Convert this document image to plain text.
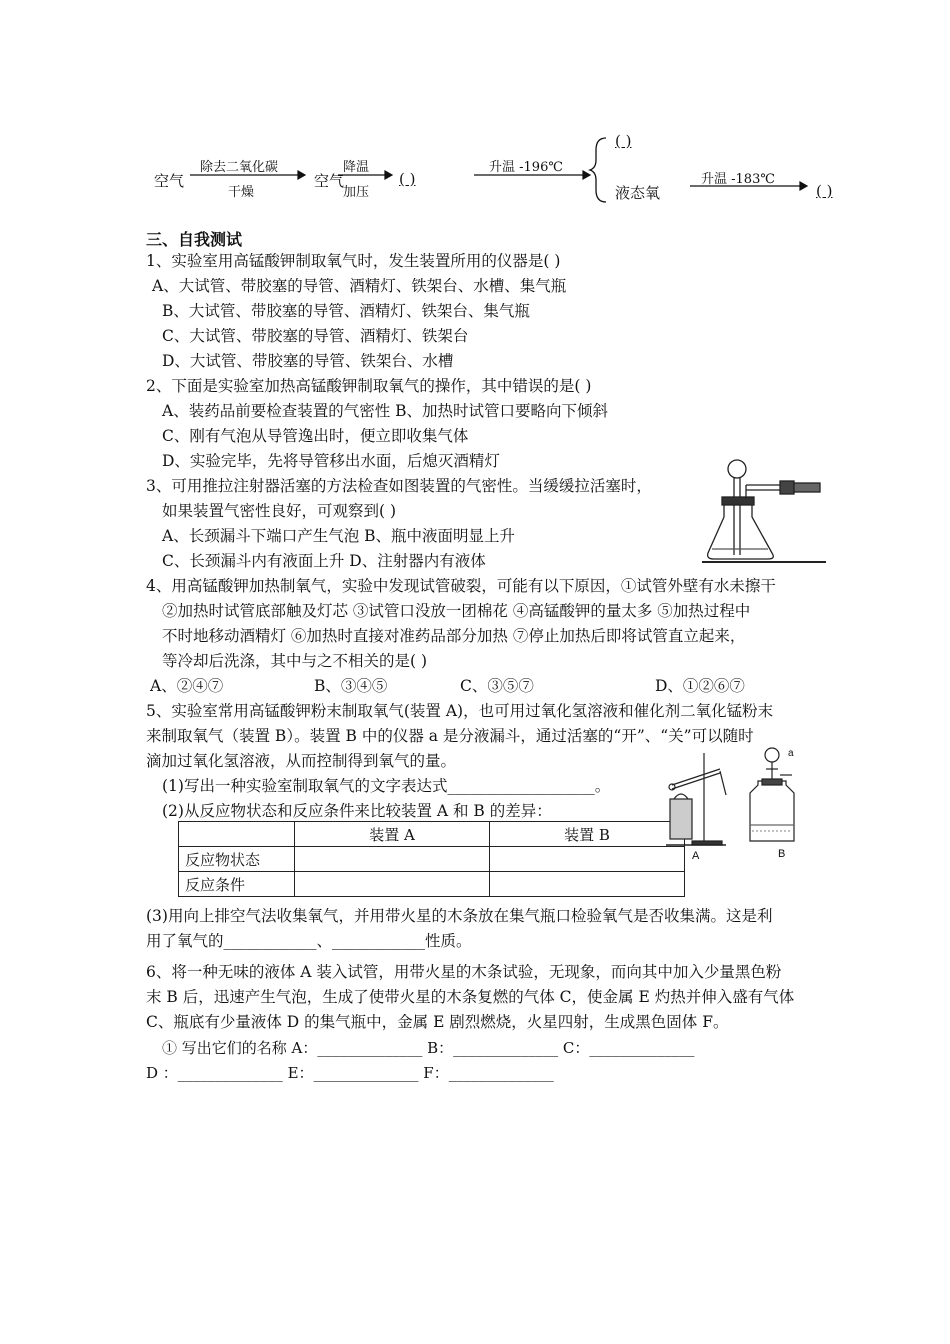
空气
除去二氧化碳
干燥
空气
降温
加压
( )
升温 -196℃
( )
液态氧
升温 -183℃
( )
三、自我测试
1、实验室用高锰酸钾制取氧气时，发生装置所用的仪器是( )
A、大试管、带胶塞的导管、酒精灯、铁架台、水槽、集气瓶
B、大试管、带胶塞的导管、酒精灯、铁架台、集气瓶
C、大试管、带胶塞的导管、酒精灯、铁架台
D、大试管、带胶塞的导管、铁架台、水槽
2、下面是实验室加热高锰酸钾制取氧气的操作，其中错误的是( )
A、装药品前要检查装置的气密性 B、加热时试管口要略向下倾斜
C、刚有气泡从导管逸出时，便立即收集气体
D、实验完毕，先将导管移出水面，后熄灭酒精灯
3、可用推拉注射器活塞的方法检查如图装置的气密性。当缓缓拉活塞时，
如果装置气密性良好，可观察到( )
A、长颈漏斗下端口产生气泡 B、瓶中液面明显上升
C、长颈漏斗内有液面上升 D、注射器内有液体
4、用高锰酸钾加热制氧气，实验中发现试管破裂，可能有以下原因，①试管外壁有水未擦干
②加热时试管底部触及灯芯 ③试管口没放一团棉花 ④高锰酸钾的量太多 ⑤加热过程中
不时地移动酒精灯 ⑥加热时直接对准药品部分加热 ⑦停止加热后即将试管直立起来，
等冷却后洗涤，其中与之不相关的是( )
A、②④⑦	B、③④⑤	C、③⑤⑦	D、①②⑥⑦
5、实验室常用高锰酸钾粉末制取氧气(装置 A)，也可用过氧化氢溶液和催化剂二氧化锰粉末
来制取氧气（装置 B）。装置 B 中的仪器 a 是分液漏斗，通过活塞的“开”、“关”可以随时
滴加过氧化氢溶液，从而控制得到氧气的量。
(1)写出一种实验室制取氧气的文字表达式___________________。
(2)从反应物状态和反应条件来比较装置 A 和 B 的差异：
	装置 A	装置 B
反应物状态		
反应条件		
A	B
a
(3)用向上排空气法收集氧气，并用带火星的木条放在集气瓶口检验氧气是否收集满。这是利
用了氧气的____________、____________性质。
6、将一种无味的液体 A 装入试管，用带火星的木条试验，无现象，而向其中加入少量黑色粉
末 B 后，迅速产生气泡，生成了使带火星的木条复燃的气体 C，使金属 E 灼热并伸入盛有气体
C、瓶底有少量液体 D 的集气瓶中，金属 E 剧烈燃烧，火星四射，生成黑色固体 F。
① 写出它们的名称 A：______________ B：______________ C：______________
D ：______________ E：______________ F：______________
